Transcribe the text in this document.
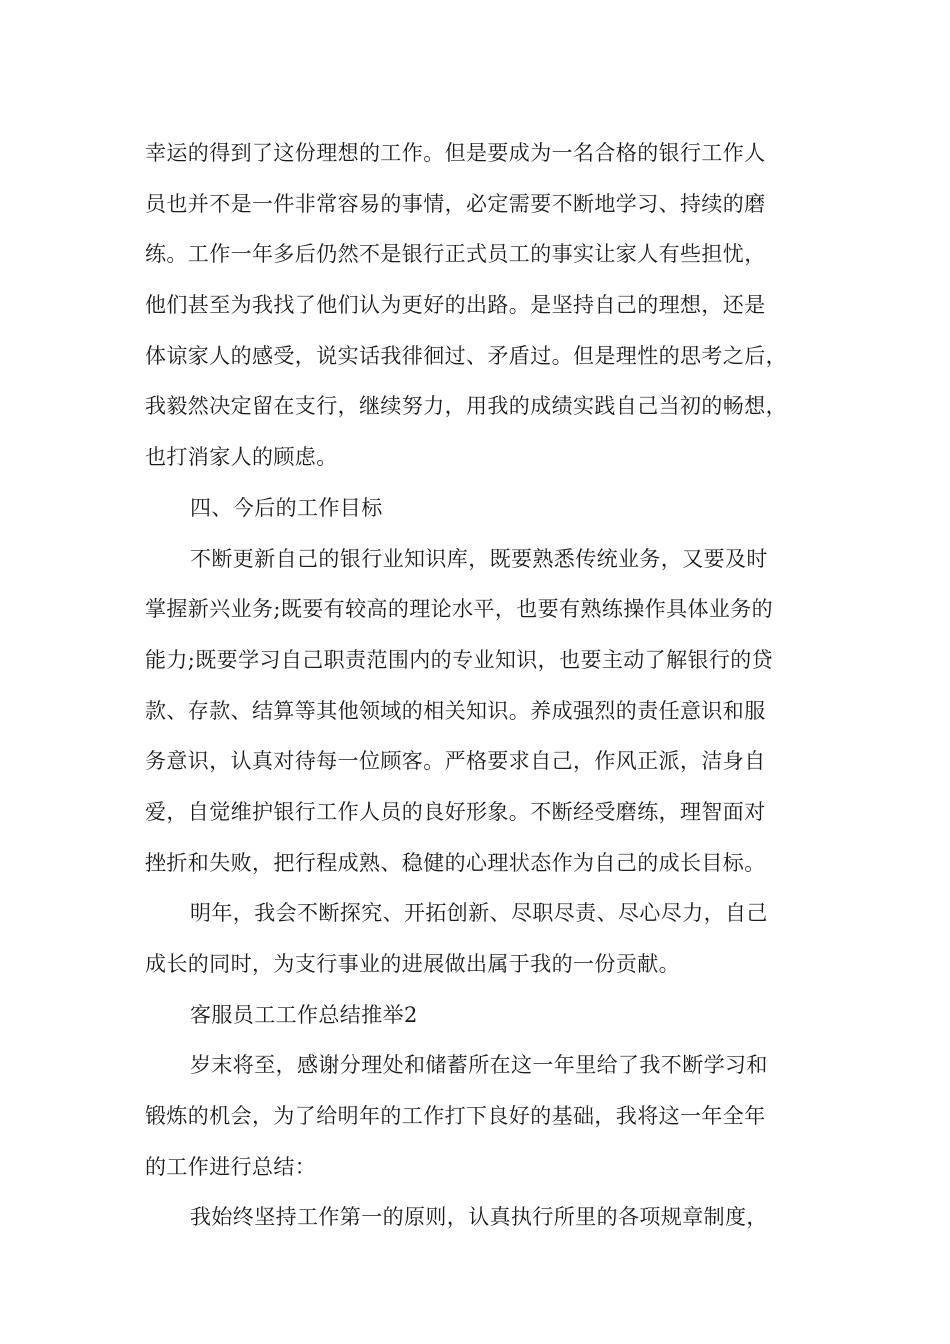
幸运的得到了这份理想的工作。但是要成为一名合格的银行工作人
员也并不是一件非常容易的事情，必定需要不断地学习、持续的磨
练。工作一年多后仍然不是银行正式员工的事实让家人有些担忧，
他们甚至为我找了他们认为更好的出路。是坚持自己的理想，还是
体谅家人的感受，说实话我徘徊过、矛盾过。但是理性的思考之后，
我毅然决定留在支行，继续努力，用我的成绩实践自己当初的畅想，
也打消家人的顾虑。
四、今后的工作目标
不断更新自己的银行业知识库，既要熟悉传统业务，又要及时
掌握新兴业务;既要有较高的理论水平，也要有熟练操作具体业务的
能力;既要学习自己职责范围内的专业知识，也要主动了解银行的贷
款、存款、结算等其他领域的相关知识。养成强烈的责任意识和服
务意识，认真对待每一位顾客。严格要求自己，作风正派，洁身自
爱，自觉维护银行工作人员的良好形象。不断经受磨练，理智面对
挫折和失败，把行程成熟、稳健的心理状态作为自己的成长目标。
明年，我会不断探究、开拓创新、尽职尽责、尽心尽力，自己
成长的同时，为支行事业的进展做出属于我的一份贡献。
客服员工工作总结推举2
岁末将至，感谢分理处和储蓄所在这一年里给了我不断学习和
锻炼的机会，为了给明年的工作打下良好的基础，我将这一年全年
的工作进行总结：
我始终坚持工作第一的原则，认真执行所里的各项规章制度，
